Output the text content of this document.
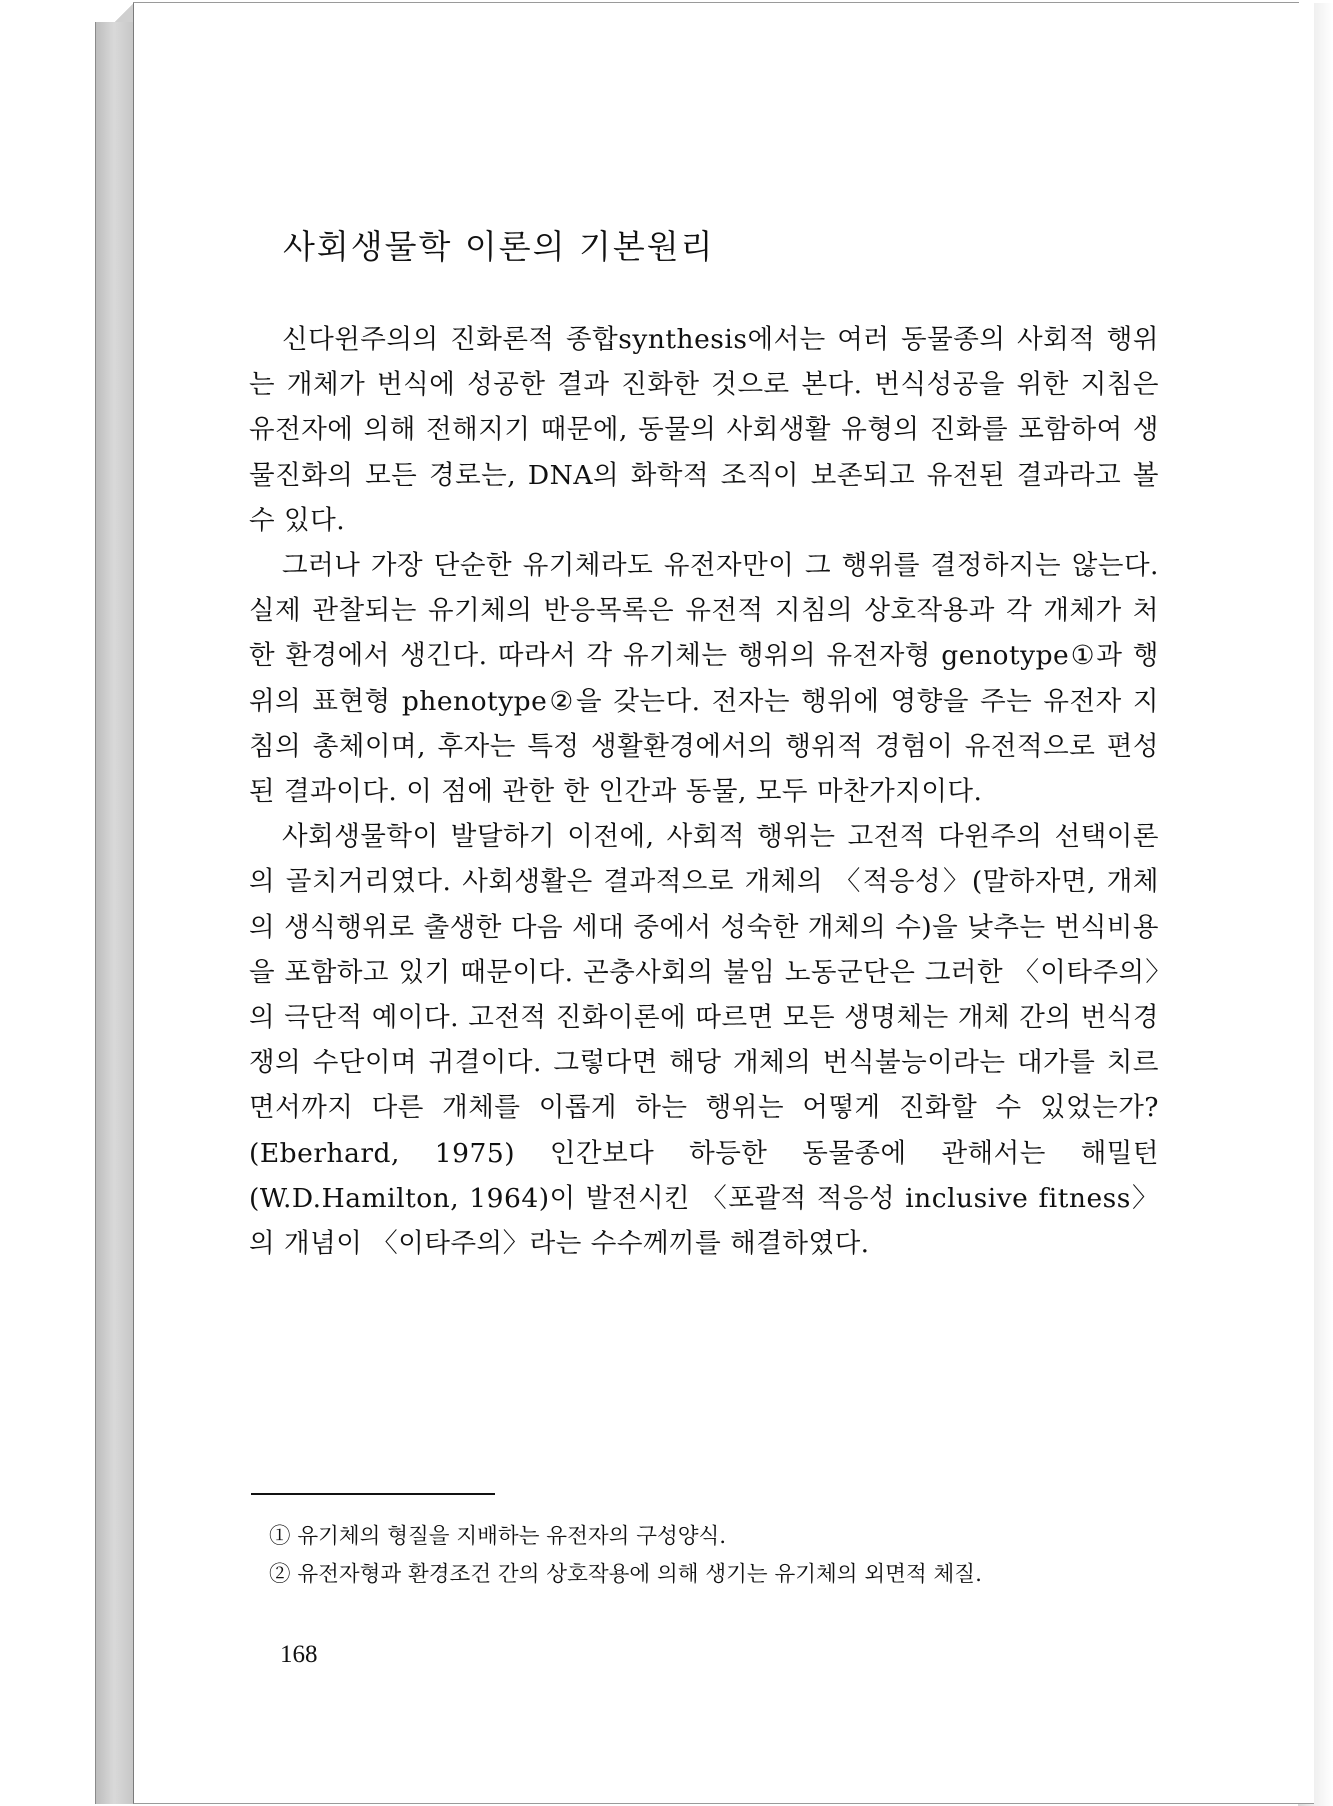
사회생물학 이론의 기본원리

신다윈주의의 진화론적 종합synthesis에서는 여러 동물종의 사회적 행위는 개체가 번식에 성공한 결과 진화한 것으로 본다. 번식성공을 위한 지침은 유전자에 의해 전해지기 때문에, 동물의 사회생활 유형의 진화를 포함하여 생물진화의 모든 경로는, DNA의 화학적 조직이 보존되고 유전된 결과라고 볼 수 있다.

그러나 가장 단순한 유기체라도 유전자만이 그 행위를 결정하지는 않는다. 실제 관찰되는 유기체의 반응목록은 유전적 지침의 상호작용과 각 개체가 처한 환경에서 생긴다. 따라서 각 유기체는 행위의 유전자형 genotype①과 행위의 표현형 phenotype②을 갖는다. 전자는 행위에 영향을 주는 유전자 지침의 총체이며, 후자는 특정 생활환경에서의 행위적 경험이 유전적으로 편성된 결과이다. 이 점에 관한 한 인간과 동물, 모두 마찬가지이다.

사회생물학이 발달하기 이전에, 사회적 행위는 고전적 다윈주의 선택이론의 골치거리였다. 사회생활은 결과적으로 개체의 〈적응성〉(말하자면, 개체의 생식행위로 출생한 다음 세대 중에서 성숙한 개체의 수)을 낮추는 번식비용을 포함하고 있기 때문이다. 곤충사회의 불임 노동군단은 그러한 〈이타주의〉의 극단적 예이다. 고전적 진화이론에 따르면 모든 생명체는 개체 간의 번식경쟁의 수단이며 귀결이다. 그렇다면 해당 개체의 번식불능이라는 대가를 치르면서까지 다른 개체를 이롭게 하는 행위는 어떻게 진화할 수 있었는가?(Eberhard, 1975) 인간보다 하등한 동물종에 관해서는 해밀턴(W.D.Hamilton, 1964)이 발전시킨 〈포괄적 적응성 inclusive fitness〉의 개념이 〈이타주의〉라는 수수께끼를 해결하였다.

① 유기체의 형질을 지배하는 유전자의 구성양식.
② 유전자형과 환경조건 간의 상호작용에 의해 생기는 유기체의 외면적 체질.
168
